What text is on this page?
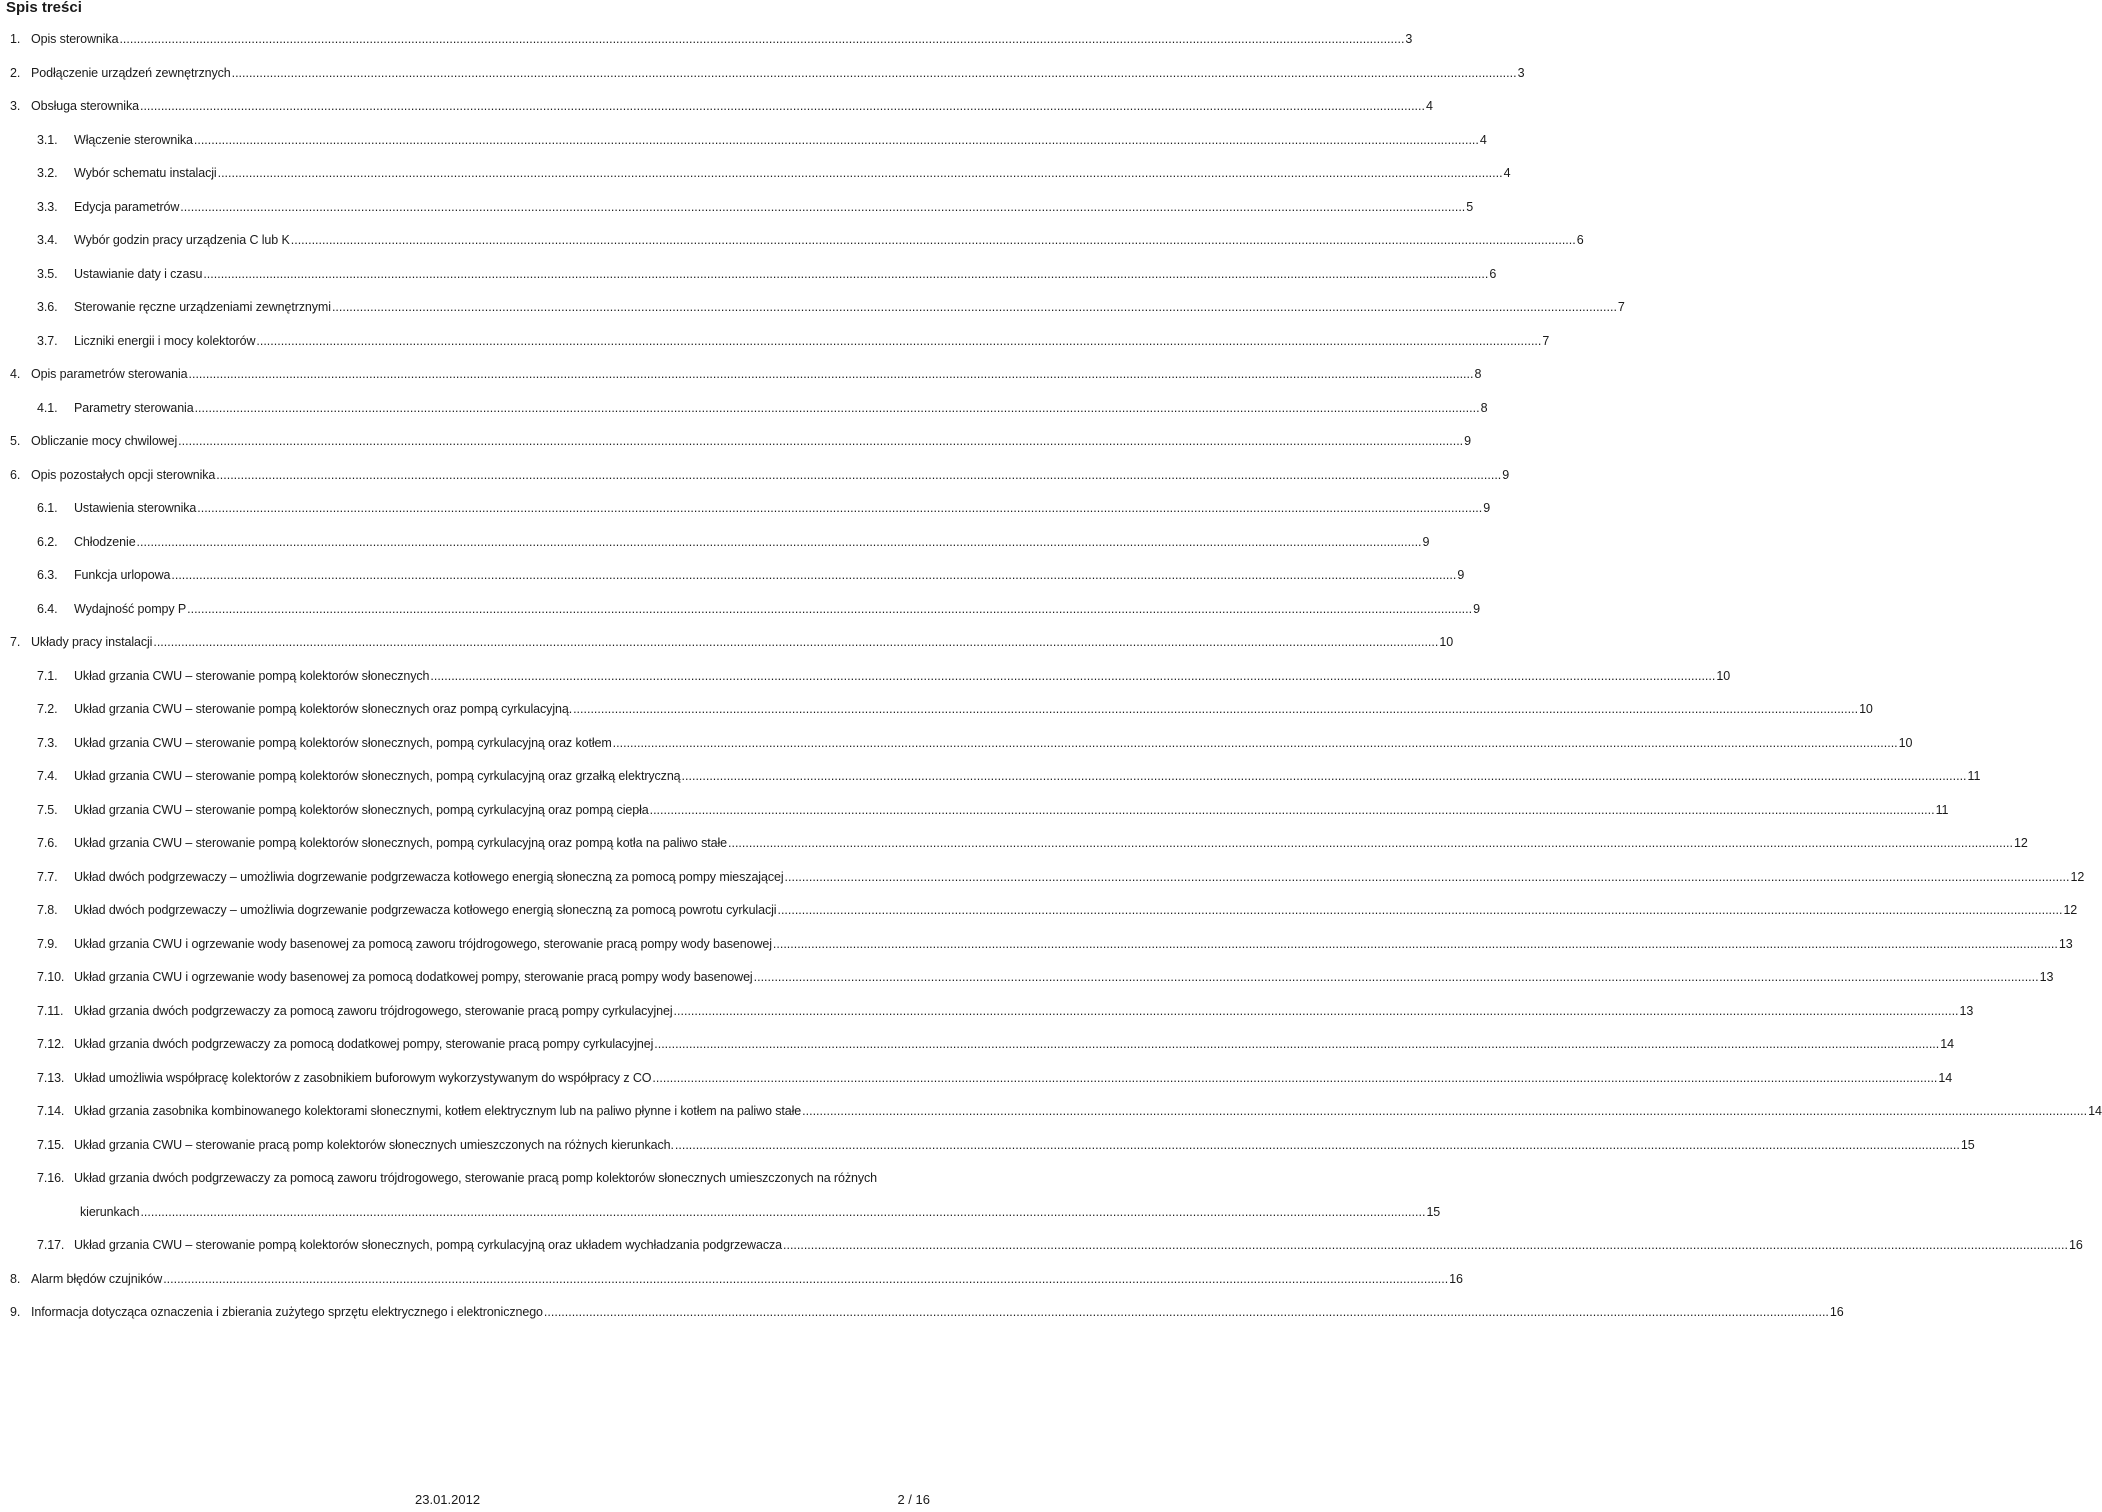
Spis treści
1. Opis sterownika .....	3
2. Podłączenie urządzeń zewnętrznych .....	3
3. Obsługa sterownika .....	4
3.1.	Włączenie sterownika .....	4
3.2.	Wybór schematu instalacji .....	4
3.3.	Edycja parametrów .....	5
3.4.	Wybór godzin pracy urządzenia C lub K .....	6
3.5.	Ustawianie daty i czasu .....	6
3.6.	Sterowanie ręczne urządzeniami zewnętrznymi .....	7
3.7.	Liczniki energii i mocy kolektorów .....	7
4. Opis parametrów sterowania .....	8
4.1.	Parametry sterowania .....	8
5. Obliczanie mocy chwilowej .....	9
6. Opis pozostałych opcji sterownika .....	9
6.1.	Ustawienia sterownika .....	9
6.2.	Chłodzenie .....	9
6.3.	Funkcja urlopowa .....	9
6.4.	Wydajność pompy P .....	9
7. Układy pracy instalacji .....	10
7.1.	Układ grzania CWU – sterowanie pompą kolektorów słonecznych .....	10
7.2.	Układ grzania CWU – sterowanie pompą kolektorów słonecznych oraz pompą cyrkulacyjną. .....	10
7.3.	Układ grzania CWU – sterowanie pompą kolektorów słonecznych, pompą cyrkulacyjną oraz kotłem .....	10
7.4.	Układ grzania CWU – sterowanie pompą kolektorów słonecznych, pompą cyrkulacyjną oraz grzałką elektryczną .....	11
7.5.	Układ grzania CWU – sterowanie pompą kolektorów słonecznych, pompą cyrkulacyjną oraz pompą ciepła .....	11
7.6.	Układ grzania CWU – sterowanie pompą kolektorów słonecznych, pompą cyrkulacyjną oraz pompą kotła na paliwo stałe .....	12
7.7.	Układ dwóch podgrzewaczy – umożliwia dogrzewanie podgrzewacza kotłowego energią słoneczną za pomocą pompy mieszającej .....	12
7.8.	Układ dwóch podgrzewaczy – umożliwia dogrzewanie podgrzewacza kotłowego energią słoneczną za pomocą powrotu cyrkulacji .....	12
7.9.	Układ grzania CWU i ogrzewanie wody basenowej za pomocą zaworu trójdrogowego, sterowanie pracą pompy wody basenowej .....	13
7.10. Układ grzania CWU i ogrzewanie wody basenowej za pomocą dodatkowej pompy, sterowanie pracą pompy wody basenowej .....	13
7.11. Układ grzania dwóch podgrzewaczy za pomocą zaworu trójdrogowego, sterowanie pracą pompy cyrkulacyjnej .....	13
7.12. Układ grzania dwóch podgrzewaczy za pomocą dodatkowej pompy, sterowanie pracą pompy cyrkulacyjnej .....	14
7.13. Układ umożliwia współpracę kolektorów z zasobnikiem buforowym wykorzystywanym do współpracy z CO .....	14
7.14. Układ grzania zasobnika kombinowanego kolektorami słonecznymi, kotłem elektrycznym lub na paliwo płynne i kotłem na paliwo stałe .....	14
7.15. Układ grzania CWU – sterowanie pracą pomp kolektorów słonecznych umieszczonych na różnych kierunkach. .....	15
7.16. Układ grzania dwóch podgrzewaczy za pomocą zaworu trójdrogowego, sterowanie pracą pomp kolektorów słonecznych umieszczonych na różnych
kierunkach .....	15
7.17. Układ grzania CWU – sterowanie pompą kolektorów słonecznych, pompą cyrkulacyjną oraz układem wychładzania podgrzewacza .....	16
8. Alarm błędów czujników .....	16
9. Informacja dotycząca oznaczenia i zbierania zużytego sprzętu elektrycznego i elektronicznego .....	16
23.01.2012	2 / 16
